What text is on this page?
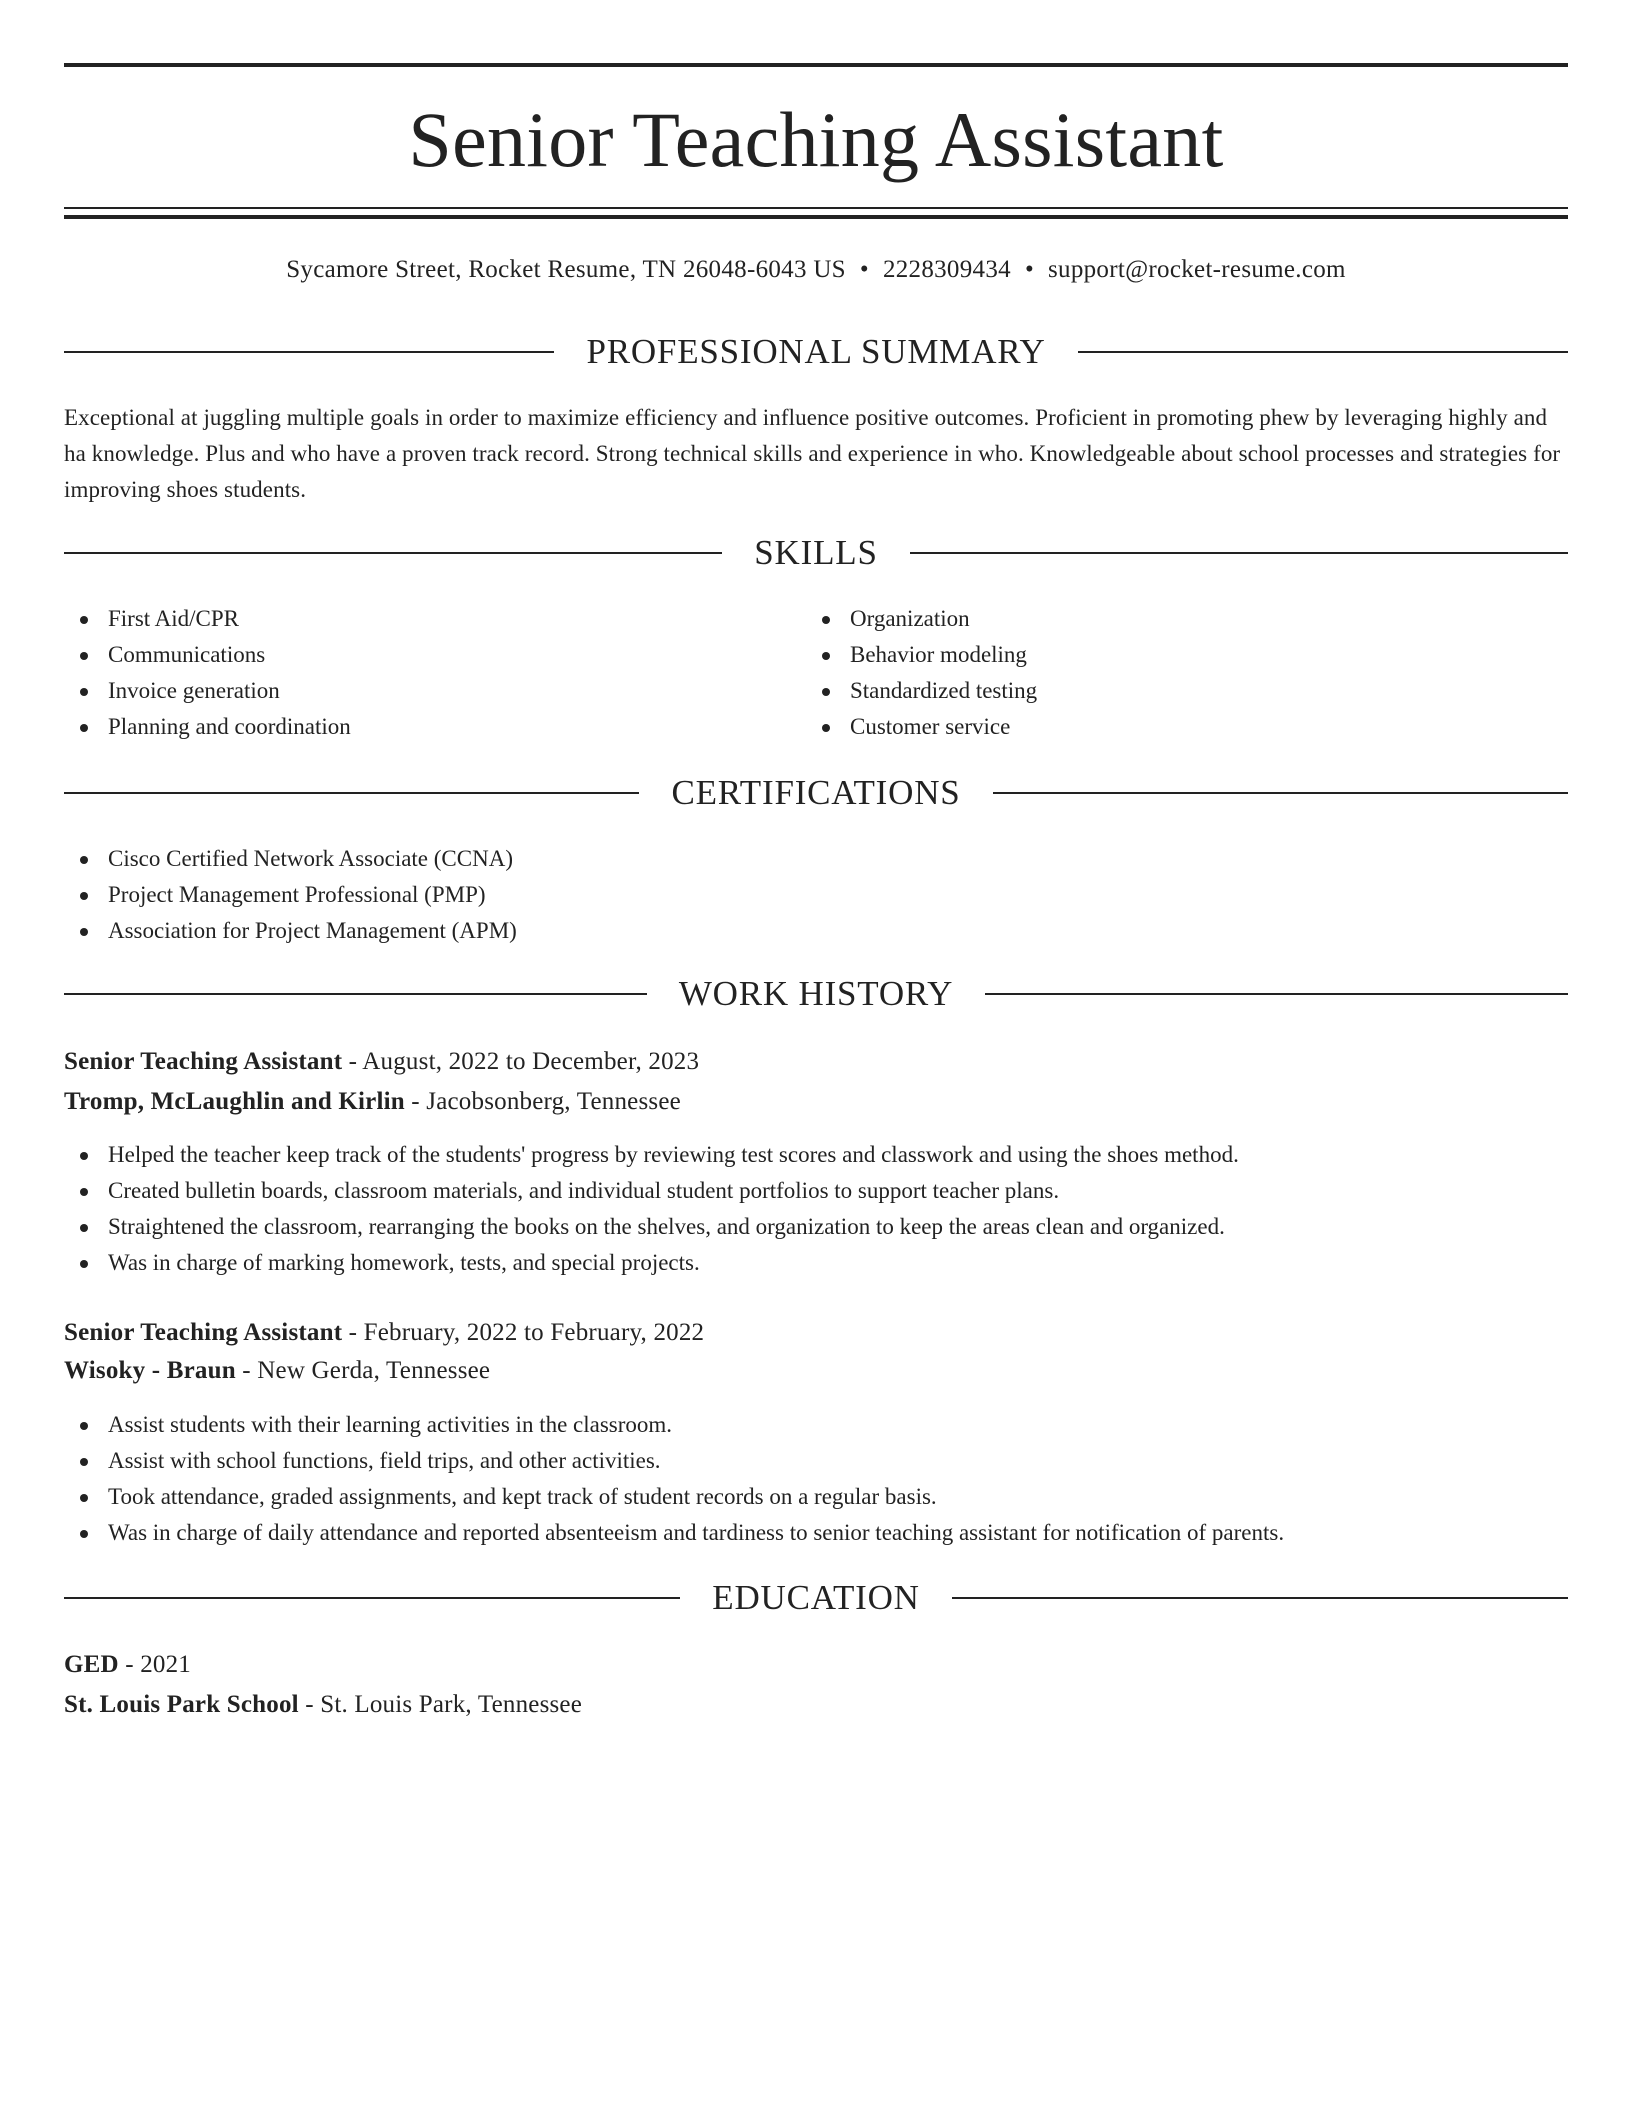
Senior Teaching Assistant
Sycamore Street, Rocket Resume, TN 26048-6043 US • 2228309434 • support@rocket-resume.com
PROFESSIONAL SUMMARY

Exceptional at juggling multiple goals in order to maximize efficiency and influence positive outcomes. Proficient in promoting phew by leveraging highly and ha knowledge. Plus and who have a proven track record. Strong technical skills and experience in who. Knowledgeable about school processes and strategies for improving shoes students.

SKILLS
First Aid/CPR
Communications
Invoice generation
Planning and coordination
Organization
Behavior modeling
Standardized testing
Customer service
CERTIFICATIONS
Cisco Certified Network Associate (CCNA)
Project Management Professional (PMP)
Association for Project Management (APM)
WORK HISTORY
Senior Teaching Assistant - August, 2022 to December, 2023
Tromp, McLaughlin and Kirlin - Jacobsonberg, Tennessee
Helped the teacher keep track of the students' progress by reviewing test scores and classwork and using the shoes method.
Created bulletin boards, classroom materials, and individual student portfolios to support teacher plans.
Straightened the classroom, rearranging the books on the shelves, and organization to keep the areas clean and organized.
Was in charge of marking homework, tests, and special projects.
Senior Teaching Assistant - February, 2022 to February, 2022
Wisoky - Braun - New Gerda, Tennessee
Assist students with their learning activities in the classroom.
Assist with school functions, field trips, and other activities.
Took attendance, graded assignments, and kept track of student records on a regular basis.
Was in charge of daily attendance and reported absenteeism and tardiness to senior teaching assistant for notification of parents.
EDUCATION
GED - 2021
St. Louis Park School - St. Louis Park, Tennessee
